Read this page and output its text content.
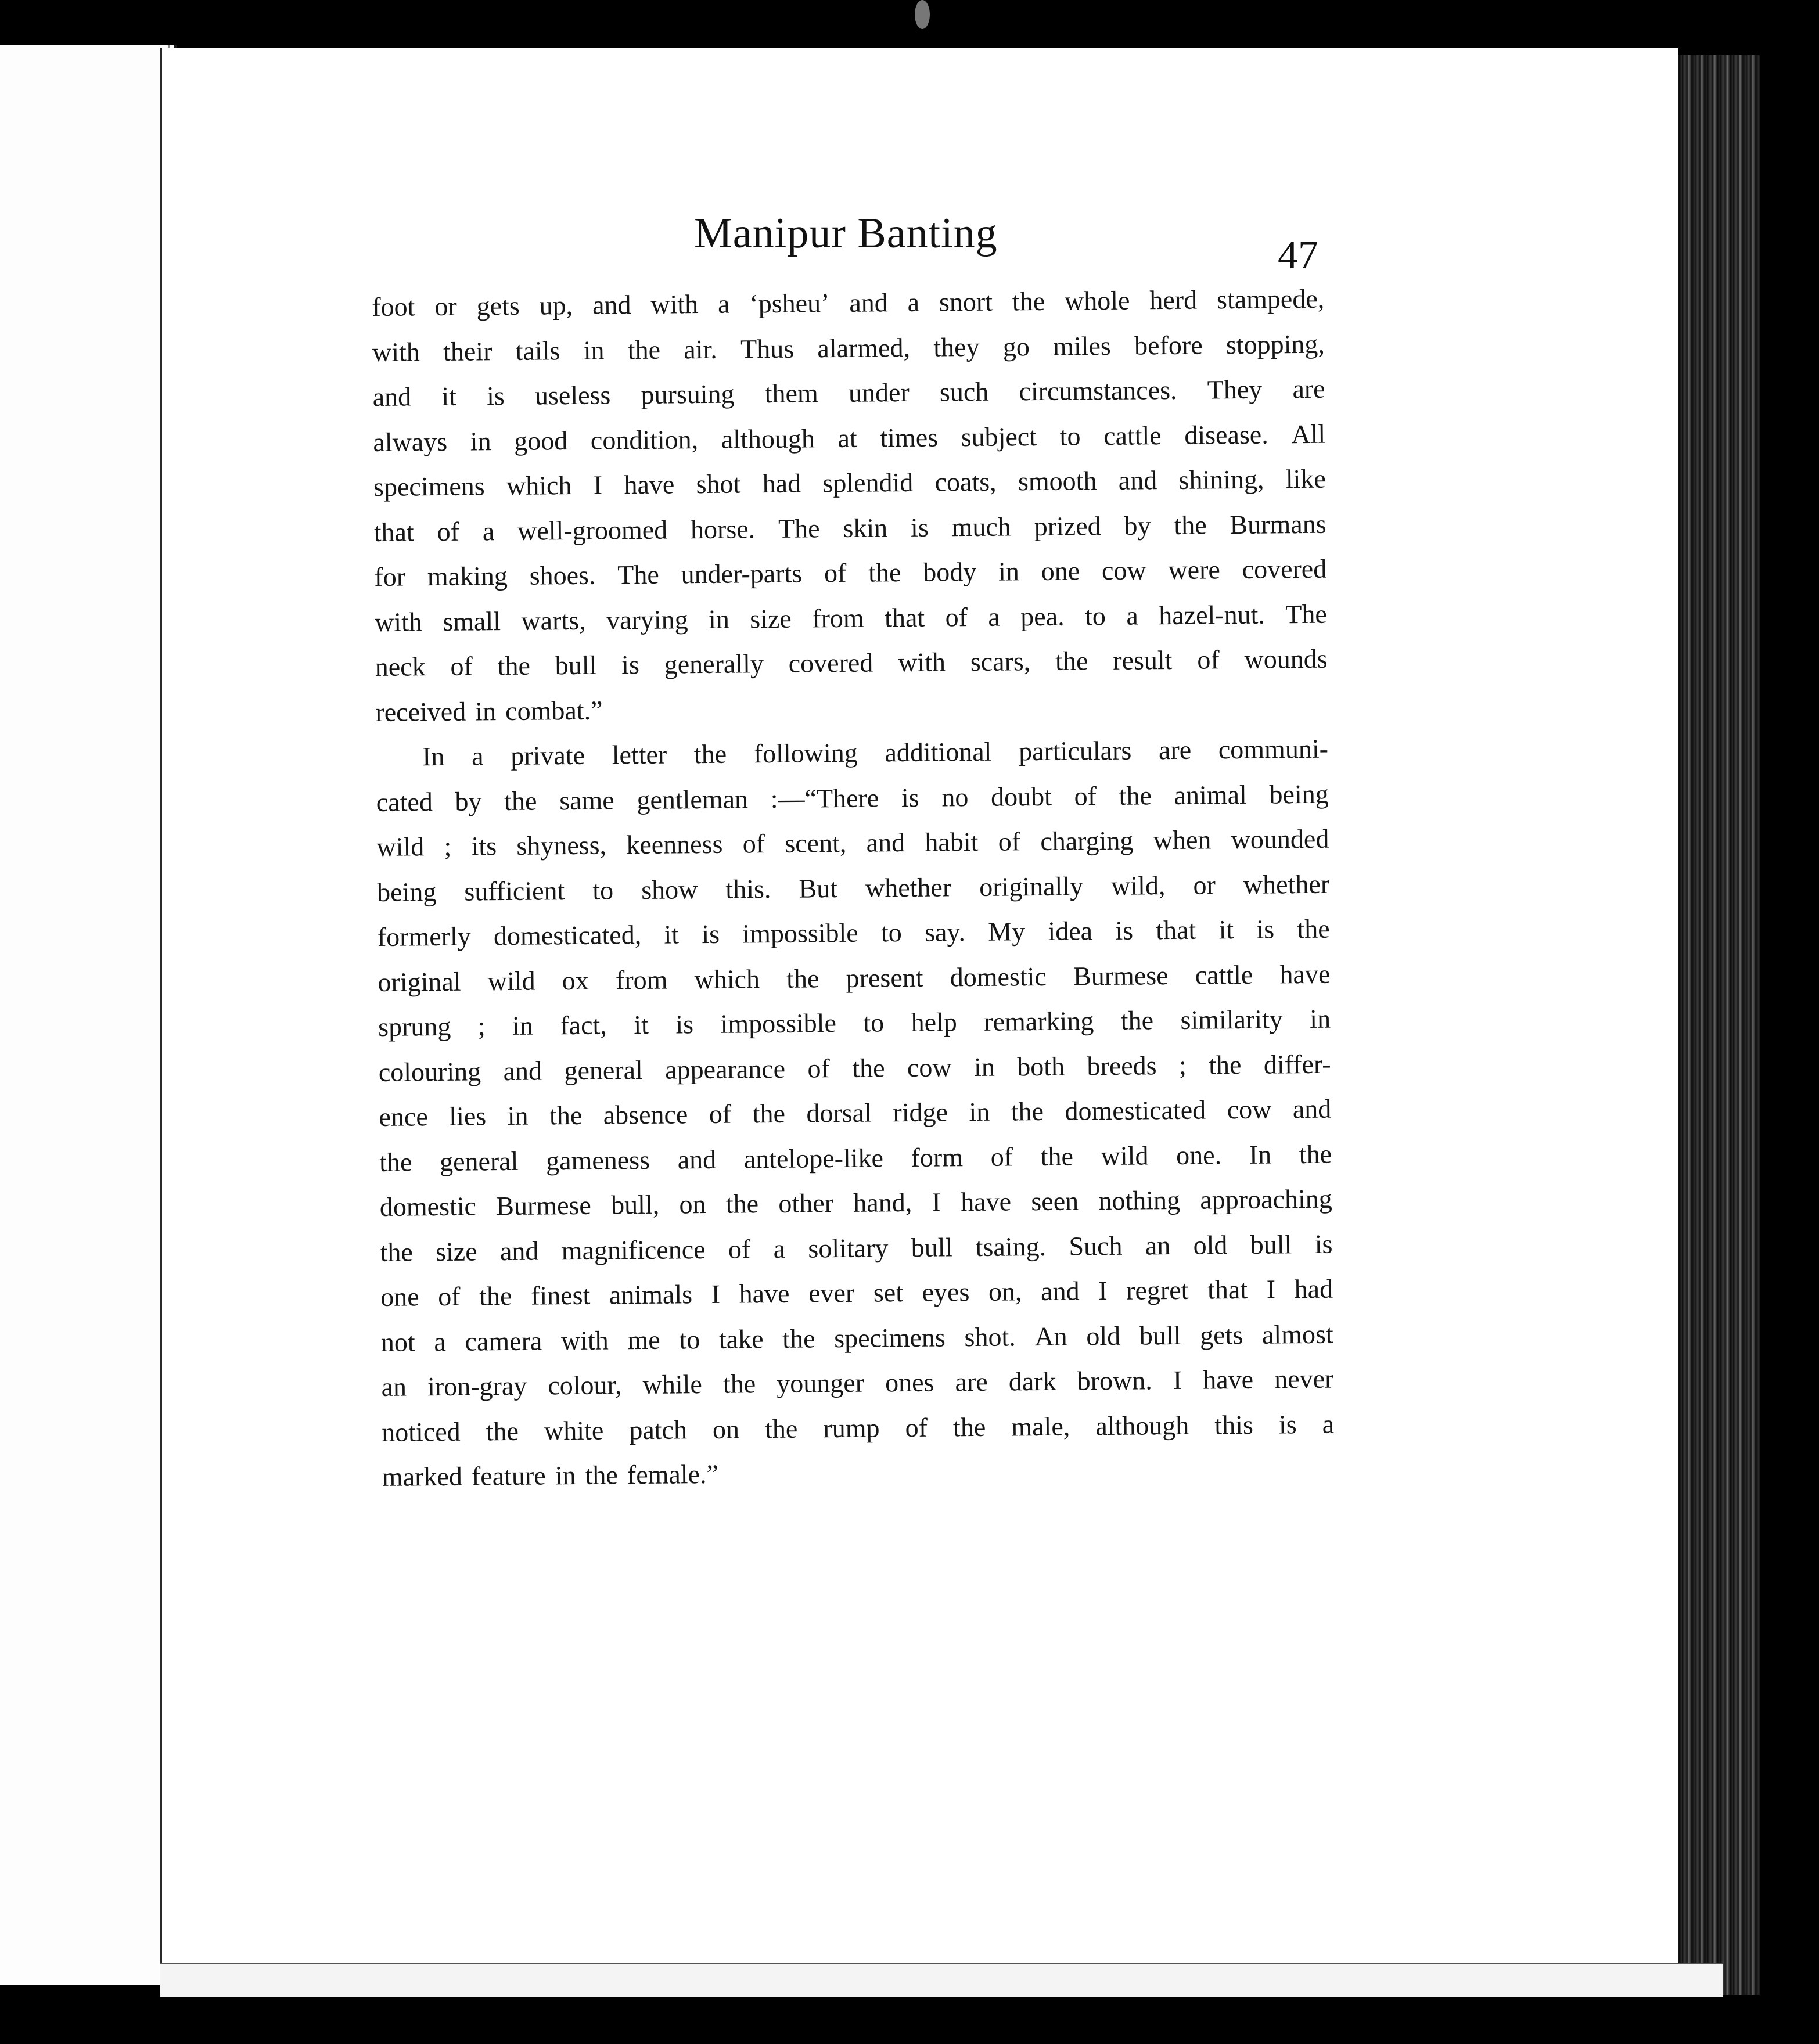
Manipur Banting	47
foot or gets up, and with a ‘pshеu’ and a snort the whole herd stampede,
with their tails in the air. Thus alarmed, they go miles before stopping,
and it is useless pursuing them under such circumstances. They are
always in good condition, although at times subject to cattle disease. All
specimens which I have shot had splendid coats, smooth and shining, like
that of a well-groomed horse. The skin is much prized by the Burmans
for making shoes. The under-parts of the body in one cow were covered
with small warts, varying in size from that of a pea. to a hazel-nut. The
neck of the bull is generally covered with scars, the result of wounds
received in combat.”
In a private letter the following additional particulars are communi-
cated by the same gentleman :—“There is no doubt of the animal being
wild ; its shyness, keenness of scent, and habit of charging when wounded
being sufficient to show this. But whether originally wild, or whether
formerly domesticated, it is impossible to say. My idea is that it is the
original wild ox from which the present domestic Burmese cattle have
sprung ; in fact, it is impossible to help remarking the similarity in
colouring and general appearance of the cow in both breeds ; the differ-
ence lies in the absence of the dorsal ridge in the domesticated cow and
the general gameness and antelope-like form of the wild one. In the
domestic Burmese bull, on the other hand, I have seen nothing approaching
the size and magnificence of a solitary bull tsaing. Such an old bull is
one of the finest animals I have ever set eyes on, and I regret that I had
not a camera with me to take the specimens shot. An old bull gets almost
an iron-gray colour, while the younger ones are dark brown. I have never
noticed the white patch on the rump of the male, although this is a
marked feature in the female.”
